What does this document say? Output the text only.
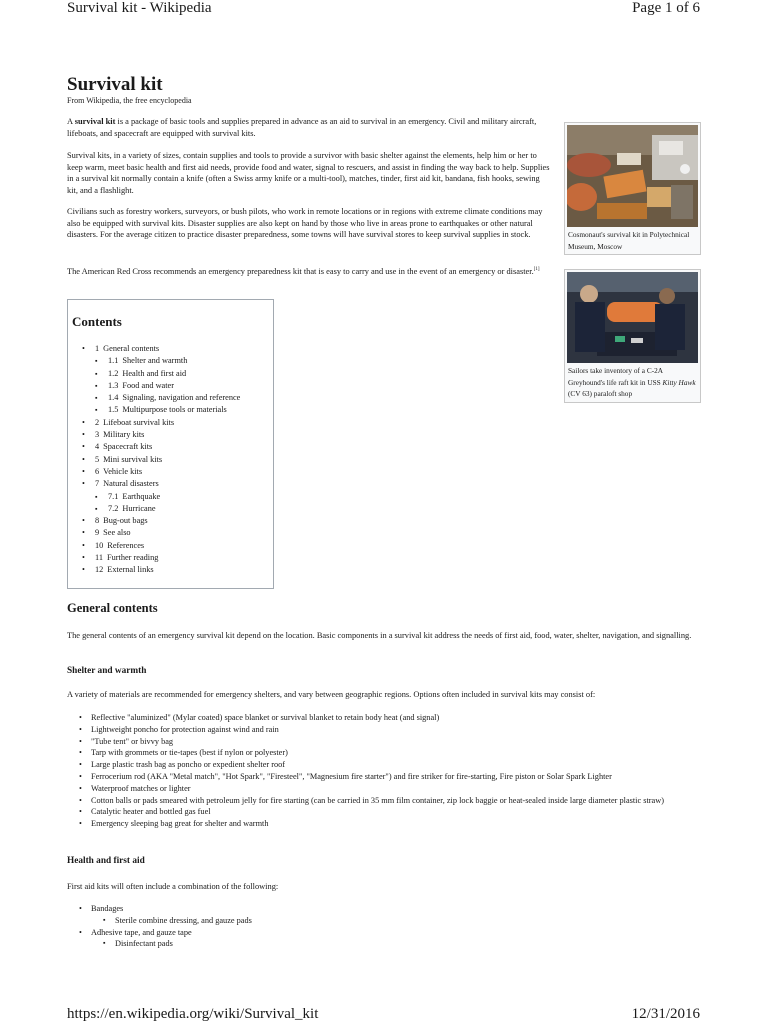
Survival kit - Wikipedia	Page 1 of 6
Survival kit
From Wikipedia, the free encyclopedia

A survival kit is a package of basic tools and supplies prepared in advance as an aid to survival in an emergency. Civil and military aircraft, lifeboats, and spacecraft are equipped with survival kits.

Survival kits, in a variety of sizes, contain supplies and tools to provide a survivor with basic shelter against the elements, help him or her to keep warm, meet basic health and first aid needs, provide food and water, signal to rescuers, and assist in finding the way back to help. Supplies in a survival kit normally contain a knife (often a Swiss army knife or a multi-tool), matches, tinder, first aid kit, bandana, fish hooks, sewing kit, and a flashlight.

Civilians such as forestry workers, surveyors, or bush pilots, who work in remote locations or in regions with extreme climate conditions may also be equipped with survival kits. Disaster supplies are also kept on hand by those who live in areas prone to earthquakes or other natural disasters. For the average citizen to practice disaster preparedness, some towns will have survival stores to keep survival supplies in stock.

The American Red Cross recommends an emergency preparedness kit that is easy to carry and use in the event of an emergency or disaster.[1]

Cosmonaut's survival kit in Polytechnical Museum, Moscow
Sailors take inventory of a C-2A Greyhound's life raft kit in USS Kitty Hawk (CV 63) paraloft shop
Contents
• 1 General contents
▪ 1.1 Shelter and warmth
▪ 1.2 Health and first aid
▪ 1.3 Food and water
▪ 1.4 Signaling, navigation and reference
▪ 1.5 Multipurpose tools or materials
• 2 Lifeboat survival kits
• 3 Military kits
• 4 Spacecraft kits
• 5 Mini survival kits
• 6 Vehicle kits
• 7 Natural disasters
▪ 7.1 Earthquake
▪ 7.2 Hurricane
• 8 Bug-out bags
• 9 See also
• 10 References
• 11 Further reading
• 12 External links
General contents

The general contents of an emergency survival kit depend on the location. Basic components in a survival kit address the needs of first aid, food, water, shelter, navigation, and signalling.

Shelter and warmth

A variety of materials are recommended for emergency shelters, and vary between geographic regions. Options often included in survival kits may consist of:

• Reflective "aluminized" (Mylar coated) space blanket or survival blanket to retain body heat (and signal)
• Lightweight poncho for protection against wind and rain
• "Tube tent" or bivvy bag
• Tarp with grommets or tie-tapes (best if nylon or polyester)
• Large plastic trash bag as poncho or expedient shelter roof
• Ferrocerium rod (AKA "Metal match", "Hot Spark", "Firesteel", "Magnesium fire starter") and fire striker for fire-starting, Fire piston or Solar Spark Lighter
• Waterproof matches or lighter
• Cotton balls or pads smeared with petroleum jelly for fire starting (can be carried in 35 mm film container, zip lock baggie or heat-sealed inside large diameter plastic straw)
• Catalytic heater and bottled gas fuel
• Emergency sleeping bag great for shelter and warmth
Health and first aid

First aid kits will often include a combination of the following:

• Bandages
▪ Sterile combine dressing, and gauze pads
• Adhesive tape, and gauze tape
▪ Disinfectant pads
https://en.wikipedia.org/wiki/Survival_kit	12/31/2016
